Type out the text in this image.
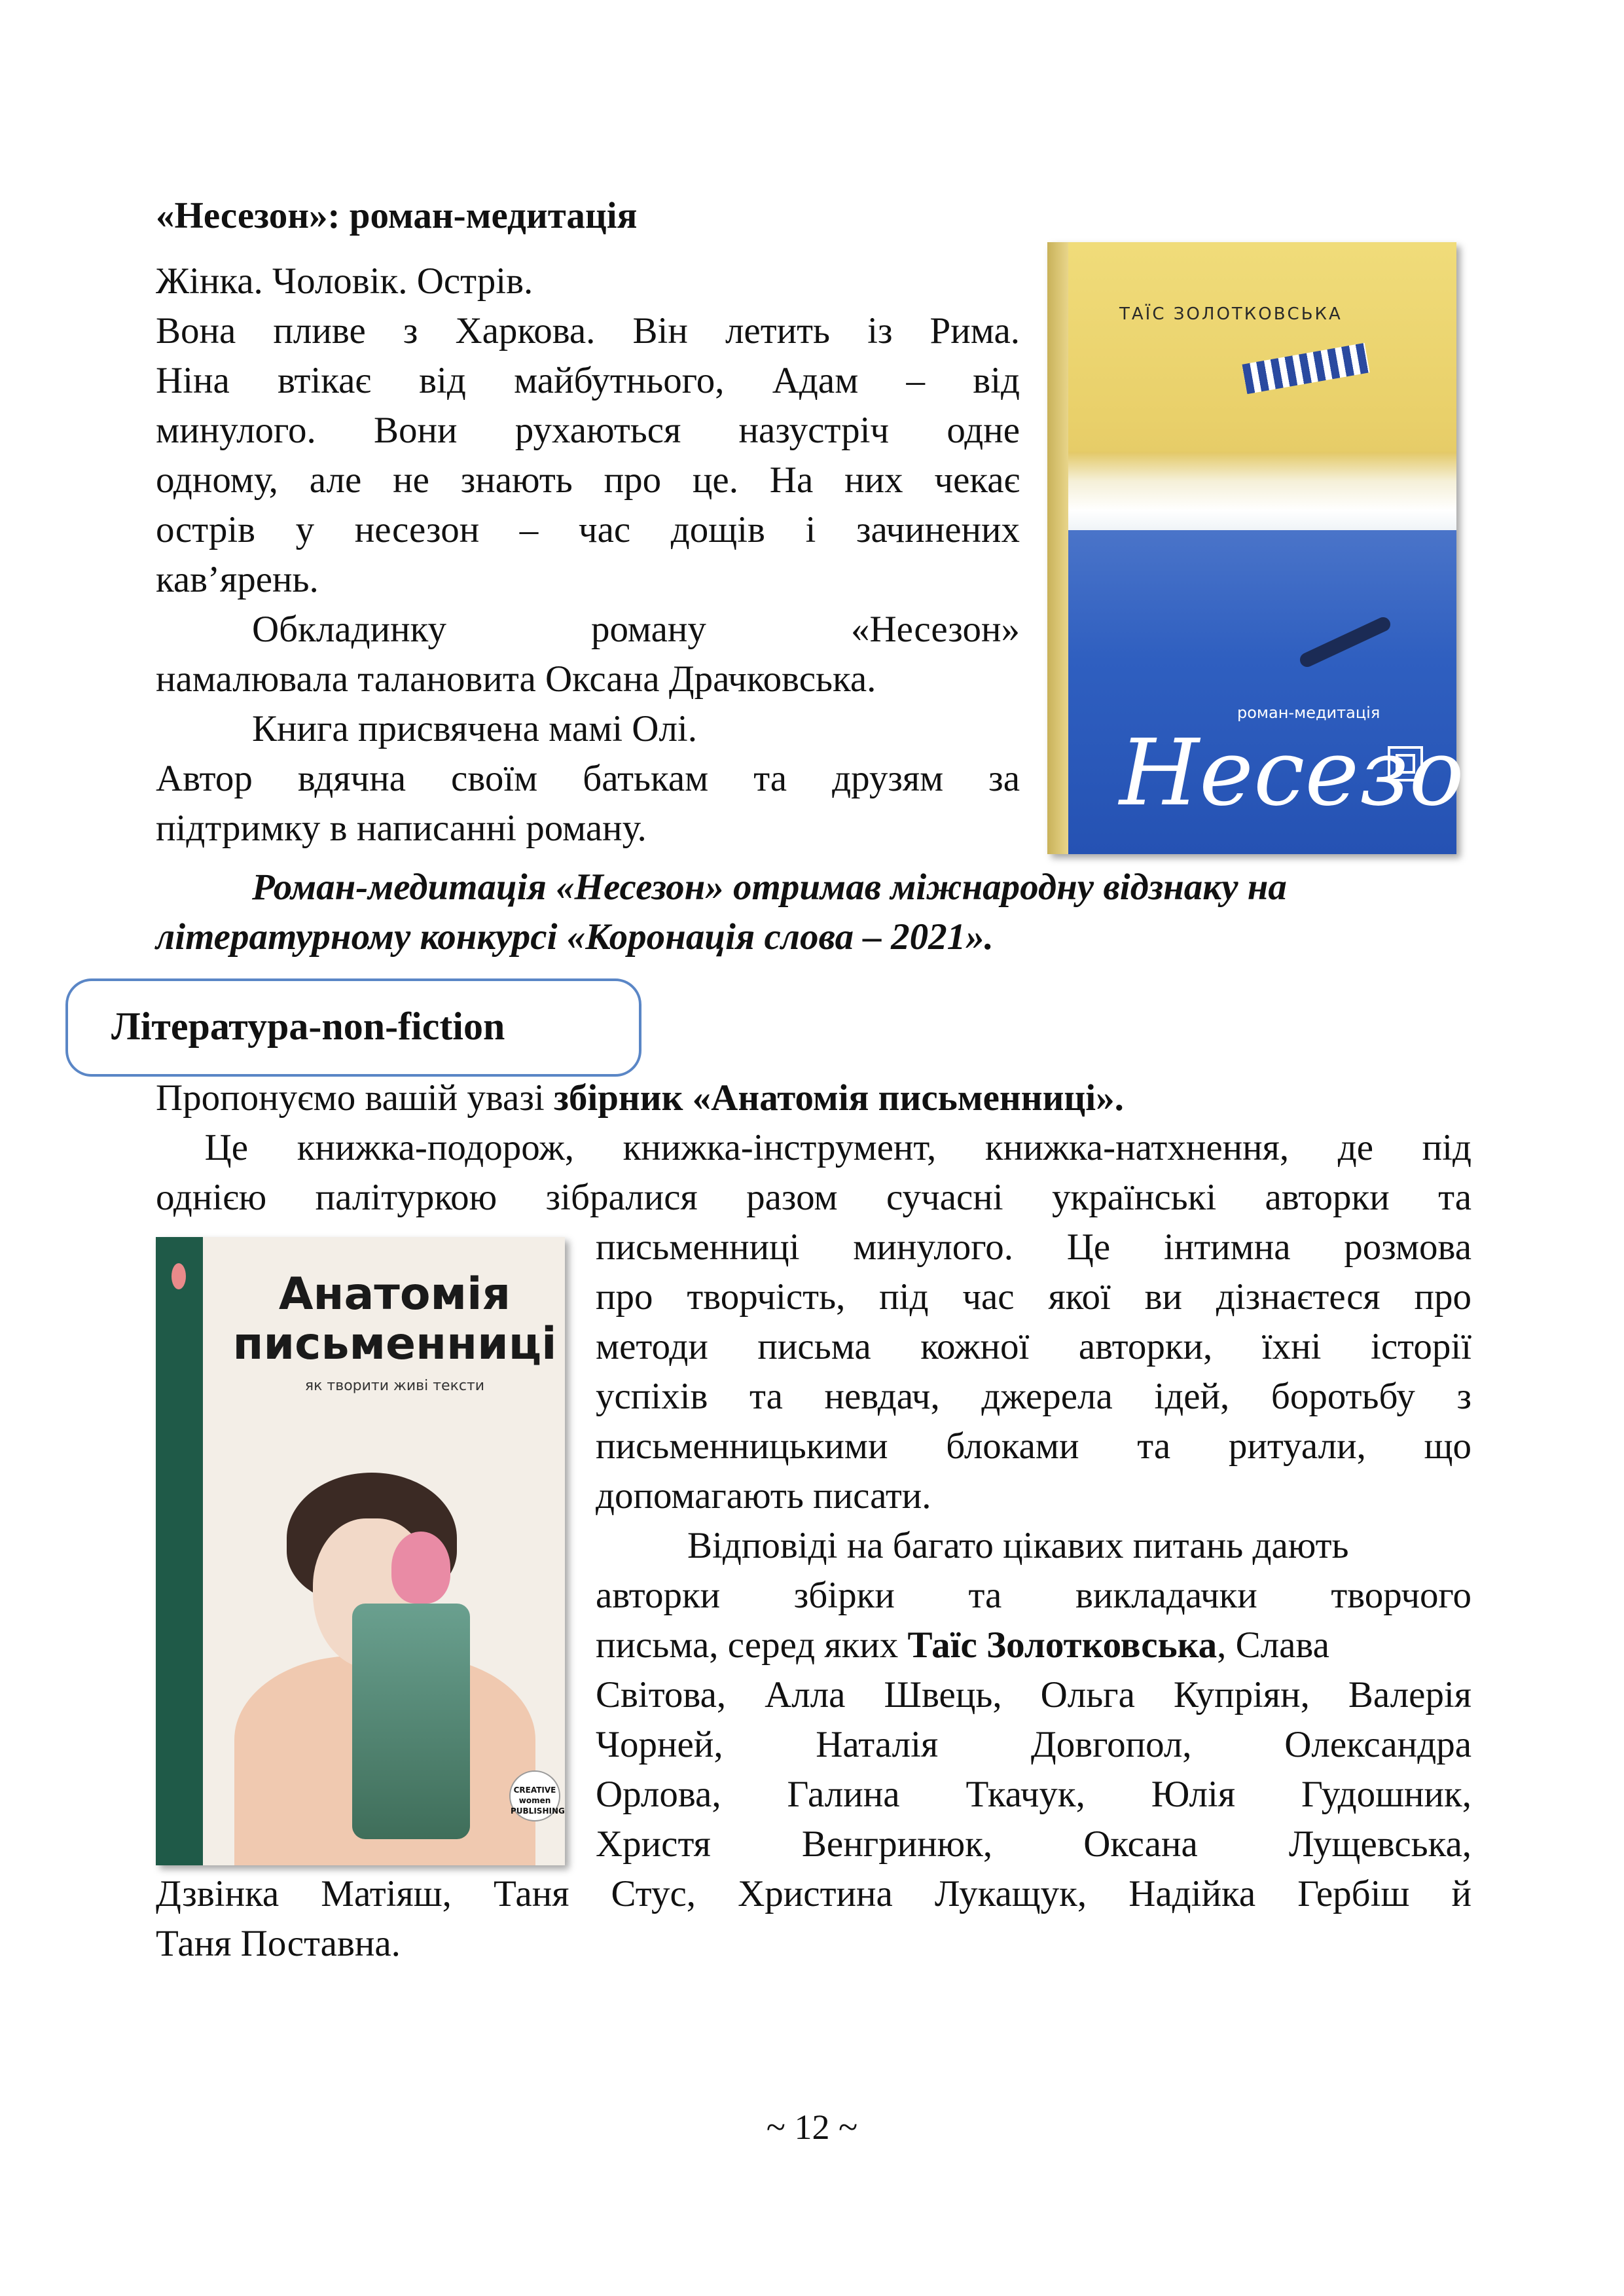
«Несезон»: роман-медитація
Жінка. Чоловік. Острів.
Вона пливе з Харкова. Він летить із Рима.
Ніна втікає від майбутнього, Адам – від
минулого. Вони рухаються назустріч одне
одному, але не знають про це. На них чекає
острів у несезон – час дощів і зачинених
кав’ярень.
Обкладинку	роману	«Несезон»
намалювала талановита Оксана Драчковська.
Книга присвячена мамі Олі.
Автор вдячна своїм батькам та друзям за
підтримку в написанні роману.
Роман-медитація «Несезон» отримав міжнародну відзнаку на
літературному конкурсі «Коронація слова – 2021».
ТАЇС ЗОЛОТКОВСЬКА
роман-медитація
Несезон
Література-non-fiction
Пропонуємо вашій увазі збірник «Анатомія письменниці».
Це книжка-подорож, книжка-інструмент, книжка-натхнення, де під
однією палітуркою зібралися разом сучасні українські авторки та
Анатомія
письменниці
як творити живі тексти
CREATIVE women PUBLISHING
письменниці минулого. Це інтимна розмова
про творчість, під час якої ви дізнаєтеся про
методи письма кожної авторки, їхні історії
успіхів та невдач, джерела ідей, боротьбу з
письменницькими блоками та ритуали, що
допомагають писати.
Відповіді на багато цікавих питань дають
авторки збірки та викладачки творчого
письма, серед яких Таїс Золотковська, Слава
Світова, Алла Швець, Ольга Купріян, Валерія
Чорней, Наталія Довгопол, Олександра
Орлова, Галина Ткачук, Юлія Гудошник,
Христя Венгринюк, Оксана Лущевська,
Дзвінка Матіяш, Таня Стус, Христина Лукащук, Надійка Гербіш й
Таня Поставна.
~ 12 ~
